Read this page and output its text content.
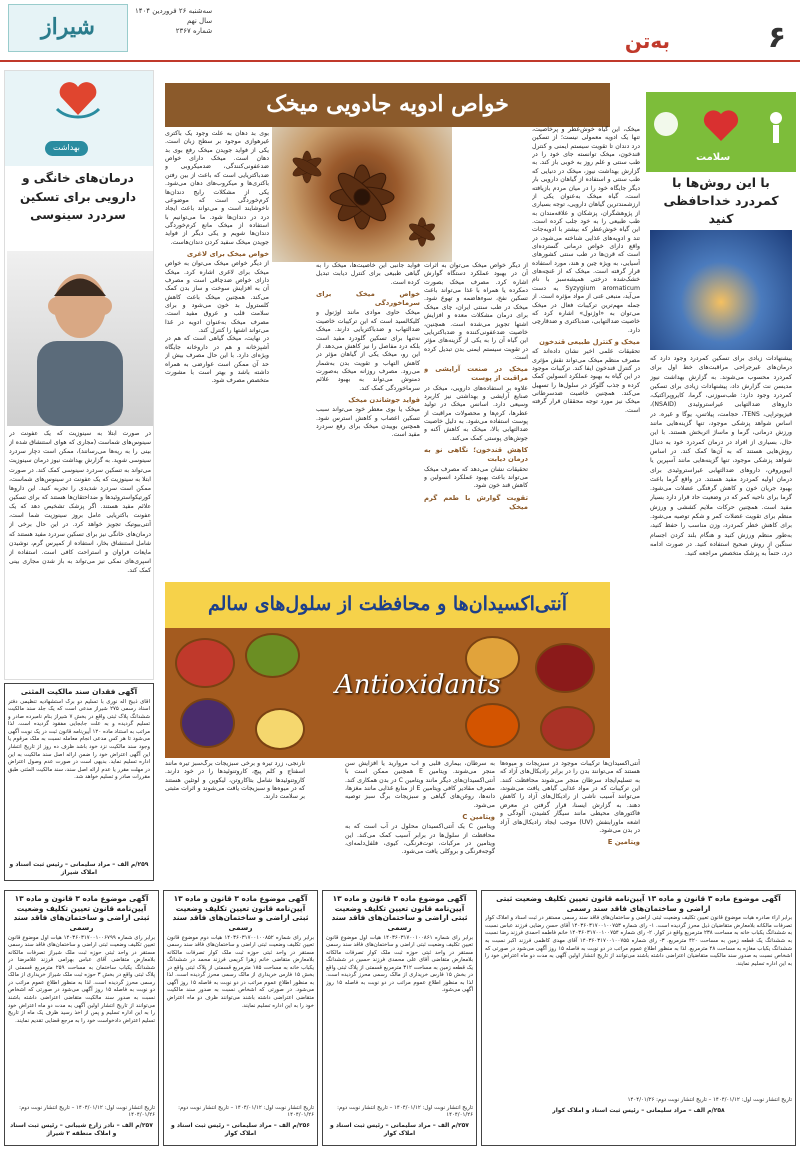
۶
به‌تن
شیراز
سه‌شنبه ۲۶ فروردین ۱۴۰۴
سال نهم
شماره ۲۳۶۷
سلامت
با این روش‌ها با کمردرد خداحافظی کنید
پیشنهادات زیادی برای تسکین کمردرد وجود دارد که درمان‌های غیرجراحی مراقبت‌های خط اول برای کمردرد محسوب می‌شوند. به گزارش بهداشت نیوز مدیسن نت گزارش داد، پیشنهادات زیادی برای تسکین کمردرد وجود دارد: طب‌سوزنی، گرما، کایروپراکتیک، داروهای ضدالتهابی غیراستروئیدی (NSAID)، فیزیوتراپی، TENS، حجامت، پیلاتس، یوگا و غیره. در اساس شواهد پزشکی موجود، تنها گزینه‌هایی مانند ورزش درمانی، گرما و ماساژ اثربخش هستند. با این حال، بسیاری از افراد در درمان کمردرد خود به دنبال روش‌هایی هستند که به آن‌ها کمک کند. در اساس شواهد پزشکی موجود، تنها گزینه‌هایی مانند آسپرین یا ایبوپروفن، داروهای ضدالتهابی غیراستروئیدی برای درمان اولیه کمردرد مفید هستند. در واقع گرما باعث بهبود جریان خون و کاهش گرفتگی عضلات می‌شود. گرما برای ناحیه کمر که در وضعیت حاد قرار دارد بسیار مفید است. همچنین حرکات ملایم کششی و ورزش منظم برای تقویت عضلات کمر و شکم توصیه می‌شود. برای کاهش خطر کمردرد، وزن مناسب را حفظ کنید، به‌طور منظم ورزش کنید و هنگام بلند کردن اجسام سنگین از روش صحیح استفاده کنید. در صورت ادامه درد، حتماً به پزشک متخصص مراجعه کنید.
بهداشت
درمان‌های خانگی و دارویی برای تسکین سردرد سینوسی
در صورت ابتلا به سینوزیت که یک عفونت در سینوس‌های شماست (مجاری که هوای استنشاق شده از بینی را به ریه‌ها می‌رسانند)، ممکن است دچار سردرد سینوسی شوید. به گزارش بهداشت نیوز درمان سینوزیت می‌تواند به تسکین سردرد سینوسی کمک کند. در صورت ابتلا به سینوزیت که یک عفونت در سینوس‌های شماست، ممکن است سردرد شدیدی را تجربه کنید. این داروها کورتیکواستروئیدها و ضداحتقان‌ها هستند که برای تسکین علائم مفید هستند. اگر پزشک تشخیص دهد که یک عفونت باکتریایی عامل بروز سینوزیت شما است، آنتی‌بیوتیک تجویز خواهد کرد. در این حال برخی از درمان‌های خانگی نیز برای تسکین سردرد مفید هستند که شامل استنشاق بخار، استفاده از کمپرس گرم، نوشیدن مایعات فراوان و استراحت کافی است. استفاده از اسپری‌های نمکی نیز می‌تواند به باز شدن مجاری بینی کمک کند.
آگهی فقدان سند مالکیت المثنی
آقای ذبیح اله نوری با تسلیم دو برگ استشهادیه تنظیمی دفتر اسناد رسمی ۲۷۵ شیراز مدعی است که یک جلد سند مالکیت ششدانگ پلاک ثبتی واقع در بخش ۷ شیراز بنام نامبرده صادر و تسلیم گردیده و به علت جابجایی مفقود گردیده است. لذا مراتب به استناد ماده ۱۲۰ آیین‌نامه قانون ثبت در یک نوبت آگهی می‌شود تا هر کس مدعی انجام معامله نسبت به ملک مرقوم یا وجود سند مالکیت نزد خود باشد ظرف ده روز از تاریخ انتشار این آگهی اعتراض خود را ضمن ارائه اصل سند مالکیت به این اداره تسلیم نماید. بدیهی است در صورت عدم وصول اعتراض در مهلت مقرر یا عدم ارائه اصل سند، سند مالکیت المثنی طبق مقررات صادر و تسلیم خواهد شد.
۲۵۹/م الف – مراد سلیمانی – رئیس ثبت اسناد و املاک شیراز
خواص ادویه جادویی میخک
میخک، این گیاه خوش‌عطر و پرخاصیت، تنها یک ادویه معمولی نیست؛ از تسکین درد دندان تا تقویت سیستم ایمنی و کنترل قندخون، میخک توانسته جای خود را در طب سنتی و علم روز به خوبی باز کند. به گزارش بهداشت نیوز، میخک در دنیایی که طب سنتی و استفاده از گیاهان دارویی بار دیگر جایگاه خود را در میان مردم بازیافته است، گیاه میخک به‌عنوان یکی از ارزشمندترین گیاهان دارویی، توجه بسیاری از پژوهشگران، پزشکان و علاقه‌مندان به طب طبیعی را به خود جلب کرده است. این گیاه خوش‌عطر که بیشتر با ادویه‌جات تند و ادویه‌های غذایی شناخته می‌شود، در واقع دارای خواص درمانی گسترده‌ای است که قرن‌ها در طب سنتی کشورهای آسیایی، به ویژه چین و هند، مورد استفاده قرار گرفته است. میخک که از غنچه‌های خشک‌شده درختی همیشه‌سبز با نام Syzygium aromaticum به دست می‌آید، منبعی غنی از مواد مؤثره است. از جمله مهم‌ترین ترکیبات فعال در میخک می‌توان به «اوژنول» اشاره کرد که خاصیت ضدالتهابی، ضدباکتری و ضدقارچی دارد.
میخک و کنترل طبیعی قندخون
تحقیقات علمی اخیر نشان داده‌اند که مصرف منظم میخک می‌تواند نقش مؤثری در کنترل قندخون ایفا کند. ترکیبات موجود در این گیاه به بهبود عملکرد انسولین کمک کرده و جذب گلوکز در سلول‌ها را تسهیل می‌کند. همچنین خاصیت ضدسرطانی میخک نیز مورد توجه محققان قرار گرفته است.
از دیگر خواص میخک می‌توان به اثرات آن در بهبود عملکرد دستگاه گوارش اشاره کرد. مصرف میخک بصورت دمکرده یا همراه با غذا می‌تواند باعث تسکین نفخ، سوءهاضمه و تهوع شود. میخک در طب سنتی ایران، چای میخک برای درمان مشکلات معده و افزایش اشتها تجویز می‌شده است. همچنین، خاصیت ضدعفونی‌کننده و ضدباکتریایی این گیاه آن را به یکی از گزینه‌های مؤثر در تقویت سیستم ایمنی بدن تبدیل کرده است.
میخک در صنعت آرایشی و مراقبت از پوست
علاوه بر استفاده‌های دارویی، میخک در صنایع آرایشی و بهداشتی نیز کاربرد وسیعی دارد. اسانس میخک در تولید عطرها، کرم‌ها و محصولات مراقبت از پوست استفاده می‌شود. به دلیل خاصیت ضدالتهابی بالا، میخک به کاهش آکنه و جوش‌های پوستی کمک می‌کند.
کاهش قندخون؛ نگاهی نو به درمان دیابت
تحقیقات نشان می‌دهد که مصرف میخک می‌تواند باعث بهبود عملکرد انسولین و کاهش قند خون شود.
تقویت گوارش با طعم گرم میخک
فواید جانبی این خاصیت‌ها، میخک را به گیاهی طبیعی برای کنترل دیابت تبدیل کرده است.
خواص میخک برای سرماخوردگی
میخک حاوی موادی مانند اوژنول و کلیکالسید است که این ترکیبات خاصیت ضدالتهاب و ضدباکتریایی دارند. میخک نه‌تنها برای تسکین گلودرد مفید است بلکه درد مفاصل را نیز کاهش می‌دهد. از این رو، میخک یکی از گیاهان مؤثر در کاهش التهاب و تقویت بدن به‌شمار می‌رود. مصرف روزانه میخک به‌صورت دمنوش می‌تواند به بهبود علائم سرماخوردگی کمک کند.
فواید جوشاندن میخک
میخک یا بوی معطر خود می‌تواند سبب تسکین اعصاب و کاهش استرس شود. همچنین بوییدن میخک برای رفع سردرد مفید است.
بوی بد دهان به علت وجود یک باکتری غیرهوازی موجود بر سطح زبان است. یکی از فواید جویدن میخک رفع بوی بد دهان است. میخک دارای خواص ضدعفونی‌کنندگی، ضدمیکروبی و ضدباکتریایی است که باعث از بین رفتن باکتری‌ها و میکروب‌های دهان می‌شود. یکی از مشکلات رایج دندان‌ها کرم‌خوردگی است که موضوعی ناخوشایند است و می‌تواند باعث ایجاد درد در دندان‌ها شود. ما می‌توانیم با استفاده از میخک مانع کرم‌خوردگی دندان‌ها شویم و یکی دیگر از فواید جویدن میخک سفید کردن دندان‌هاست.
خواص میخک برای لاغری
از دیگر خواص میخک می‌توان به خواص میخک برای لاغری اشاره کرد. میخک دارای خواص ضدچاقی است و مصرف آن به افزایش سوخت و ساز بدن کمک می‌کند. همچنین میخک باعث کاهش کلسترول بد خون می‌شود و برای سلامت قلب و عروق مفید است. مصرف میخک به‌عنوان ادویه در غذا می‌تواند اشتها را کنترل کند.
در نهایت، میخک گیاهی است که هم در آشپزخانه و هم در داروخانه جایگاه ویژه‌ای دارد. با این حال مصرف بیش از حد آن ممکن است عوارضی به همراه داشته باشد و بهتر است با مشورت متخصص مصرف شود.
آنتی‌اکسیدان‌ها و محافظت از سلول‌های سالم
Antioxidants
آنتی‌اکسیدان‌ها ترکیبات موجود در سبزیجات و میوه‌ها هستند که می‌توانند بدن را در برابر رادیکال‌های آزاد که به تسلیم‌ایجاد سرطان منجر می‌شوند محافظت کنند. این ترکیبات که در مواد غذایی گیاهی یافت می‌شوند، می‌توانند آسیب ناشی از رادیکال‌های آزاد را کاهش دهند. به گزارش ایسنا، قرار گرفتن در معرض فاکتورهای محیطی مانند سیگار کشیدن، آلودگی و اشعه ماورابنفش (UV) موجب ایجاد رادیکال‌های آزاد در بدن می‌شود.
ویتامین E
به سرطان، بیماری قلبی و آب مروارید یا افزایش سن منجر می‌شوند. ویتامین E همچنین ممکن است با آنتی‌اکسیدان‌های دیگر مانند ویتامین C در بدن همکاری کند. مصرف مقادیر کافی ویتامین E از منابع غذایی مانند مغزها، دانه‌ها، روغن‌های گیاهی و سبزیجات برگ سبز توصیه می‌شود.
ویتامین C
ویتامین C یک آنتی‌اکسیدان محلول در آب است که به محافظت از سلول‌ها در برابر آسیب کمک می‌کند. این ویتامین در مرکبات، توت‌فرنگی، کیوی، فلفل‌دلمه‌ای، گوجه‌فرنگی و بروکلی یافت می‌شود.
نارنجی، زرد تیره و برخی سبزیجات برگ‌سبز تیره مانند اسفناج و کلم پیچ، کاروتنوئیدها را در خود دارند. کاروتنوئیدها شامل بتاکاروتن، لیکوپن و لوتئین هستند که در میوه‌ها و سبزیجات یافت می‌شوند و اثرات مثبتی بر سلامت دارند.
آگهی موضوع ماده ۳ قانون و ماده ۱۳ آیین‌نامه قانون تعیین تکلیف وضعیت ثبتی اراضی و ساختمان‌های فاقد سند رسمی
برابر رای شماره ۱۴۰۳۶۰۳۱۷۰۰۱۰۰۶۷۹۹ هیات اول موضوع قانون تعیین تکلیف وضعیت ثبتی اراضی و ساختمان‌های فاقد سند رسمی مستقر در واحد ثبتی حوزه ثبت ملک شیراز تصرفات مالکانه بلامعارض متقاضی آقای عباس بهرامی فرزند غلامرضا در ششدانگ یکباب ساختمان به مساحت ۲۵۹ مترمربع قسمتی از پلاک ثبتی واقع در بخش ۳ حوزه ثبت ملک شیراز خریداری از مالک رسمی محرز گردیده است. لذا به منظور اطلاع عموم مراتب در دو نوبت به فاصله ۱۵ روز آگهی می‌شود در صورتی که اشخاص نسبت به صدور سند مالکیت متقاضی اعتراضی داشته باشند می‌توانند از تاریخ انتشار اولین آگهی به مدت دو ماه اعتراض خود را به این اداره تسلیم و پس از اخذ رسید ظرف یک ماه از تاریخ تسلیم اعتراض دادخواست خود را به مرجع قضایی تقدیم نمایند.
تاریخ انتشار نوبت اول: ۱۴۰۴/۰۱/۱۲ – تاریخ انتشار نوبت دوم: ۱۴۰۴/۰۱/۲۶
۲۵۷/م الف – نادر زارع شیبانی – رئیس ثبت اسناد و املاک منطقه ۲ شیراز
آگهی موضوع ماده ۳ قانون و ماده ۱۳ آیین‌نامه قانون تعیین تکلیف وضعیت ثبتی اراضی و ساختمان‌های فاقد سند رسمی
برابر رای شماره ۱۴۰۳۶۰۳۱۷۰۰۱۰۰۸۵۲ هیات دوم موضوع قانون تعیین تکلیف وضعیت ثبتی اراضی و ساختمان‌های فاقد سند رسمی مستقر در واحد ثبتی حوزه ثبت ملک کوار تصرفات مالکانه بلامعارض متقاضی خانم زهرا کریمی فرزند محمد در ششدانگ یکباب خانه به مساحت ۱۸۵ مترمربع قسمتی از پلاک ثبتی واقع در بخش ۱۵ فارس خریداری از مالک رسمی محرز گردیده است. لذا به منظور اطلاع عموم مراتب در دو نوبت به فاصله ۱۵ روز آگهی می‌شود. در صورتی که اشخاص نسبت به صدور سند مالکیت متقاضی اعتراضی داشته باشند می‌توانند ظرف دو ماه اعتراض خود را به این اداره تسلیم نمایند.
تاریخ انتشار نوبت اول: ۱۴۰۴/۰۱/۱۲ – تاریخ انتشار نوبت دوم: ۱۴۰۴/۰۱/۲۶
۲۵۶/م الف – مراد سلیمانی – رئیس ثبت اسناد و املاک کوار
آگهی موضوع ماده ۳ قانون و ماده ۱۳ آیین‌نامه قانون تعیین تکلیف وضعیت ثبتی اراضی و ساختمان‌های فاقد سند رسمی
برابر رای شماره ۱۴۰۳۶۰۳۱۷۰۰۱۰۰۸۶۱ هیات اول موضوع قانون تعیین تکلیف وضعیت ثبتی اراضی و ساختمان‌های فاقد سند رسمی مستقر در واحد ثبتی حوزه ثبت ملک کوار تصرفات مالکانه بلامعارض متقاضی آقای علی محمدی فرزند حسین در ششدانگ یک قطعه زمین به مساحت ۳۱۲ مترمربع قسمتی از پلاک ثبتی واقع در بخش ۱۵ فارس خریداری از مالک رسمی محرز گردیده است. لذا به منظور اطلاع عموم مراتب در دو نوبت به فاصله ۱۵ روز آگهی می‌شود.
تاریخ انتشار نوبت اول: ۱۴۰۴/۰۱/۱۲ – تاریخ انتشار نوبت دوم: ۱۴۰۴/۰۱/۲۶
۲۵۷/م الف – مراد سلیمانی – رئیس ثبت اسناد و املاک کوار
آگهی موضوع ماده ۳ قانون و ماده ۱۳ آیین‌نامه قانون تعیین تکلیف وضعیت ثبتی اراضی و ساختمان‌های فاقد سند رسمی
برابر آراء صادره هیات موضوع قانون تعیین تکلیف وضعیت ثبتی اراضی و ساختمان‌های فاقد سند رسمی مستقر در ثبت اسناد و املاک کوار تصرفات مالکانه بلامعارض متقاضیان ذیل محرز گردیده است. ۱- رای شماره ۱۴۰۳۶۰۳۱۷۰۰۱۰۰۷۵۳ آقای حسن رضایی فرزند عباس نسبت به ششدانگ یکباب خانه به مساحت ۲۳۸ مترمربع واقع در کوار. ۲- رای شماره ۱۴۰۳۶۰۳۱۷۰۰۱۰۰۷۵۴ خانم فاطمه احمدی فرزند رضا نسبت به ششدانگ یک قطعه زمین به مساحت ۴۲۰ مترمربع. ۳- رای شماره ۱۴۰۳۶۰۳۱۷۰۰۱۰۰۷۵۵ آقای مهدی کاظمی فرزند اکبر نسبت به ششدانگ یکباب مغازه به مساحت ۴۸ مترمربع. لذا به منظور اطلاع عموم مراتب در دو نوبت به فاصله ۱۵ روز آگهی می‌شود در صورتی که اشخاص نسبت به صدور سند مالکیت متقاضیان اعتراضی داشته باشند می‌توانند از تاریخ انتشار اولین آگهی به مدت دو ماه اعتراض خود را به این اداره تسلیم نمایند.
تاریخ انتشار نوبت اول: ۱۴۰۴/۰۱/۱۲ – تاریخ انتشار نوبت دوم: ۱۴۰۴/۰۱/۲۶
۲۵۸/م الف – مراد سلیمانی – رئیس ثبت اسناد و املاک کوار
